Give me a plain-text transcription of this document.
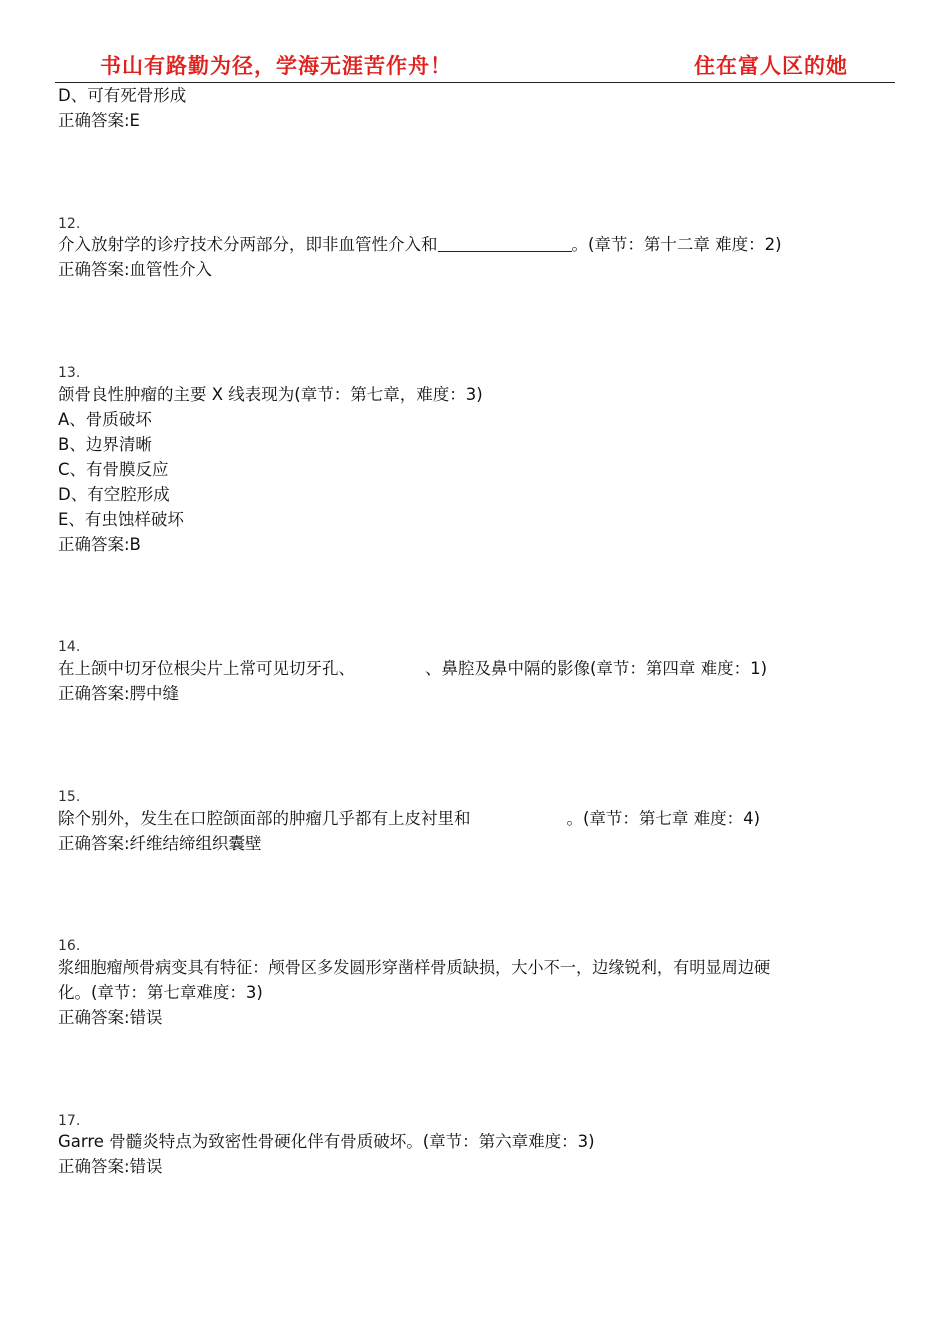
书山有路勤为径，学海无涯苦作舟！	住在富人区的她
D、可有死骨形成
正确答案:E
12.
介入放射学的诊疗技术分两部分，即非血管性介入和	。(章节：第十二章 难度：2)
正确答案:血管性介入
13.
颌骨良性肿瘤的主要 X 线表现为(章节：第七章，难度：3)
A、骨质破坏
B、边界清晰
C、有骨膜反应
D、有空腔形成
E、有虫蚀样破坏
正确答案:B
14.
在上颌中切牙位根尖片上常可见切牙孔、	、鼻腔及鼻中隔的影像(章节：第四章 难度：1)
正确答案:腭中缝
15.
除个别外，发生在口腔颌面部的肿瘤几乎都有上皮衬里和	。(章节：第七章 难度：4)
正确答案:纤维结缔组织囊壁
16.
浆细胞瘤颅骨病变具有特征：颅骨区多发圆形穿凿样骨质缺损，大小不一，边缘锐利，有明显周边硬
化。(章节：第七章难度：3)
正确答案:错误
17.
Garre 骨髓炎特点为致密性骨硬化伴有骨质破坏。(章节：第六章难度：3)
正确答案:错误
